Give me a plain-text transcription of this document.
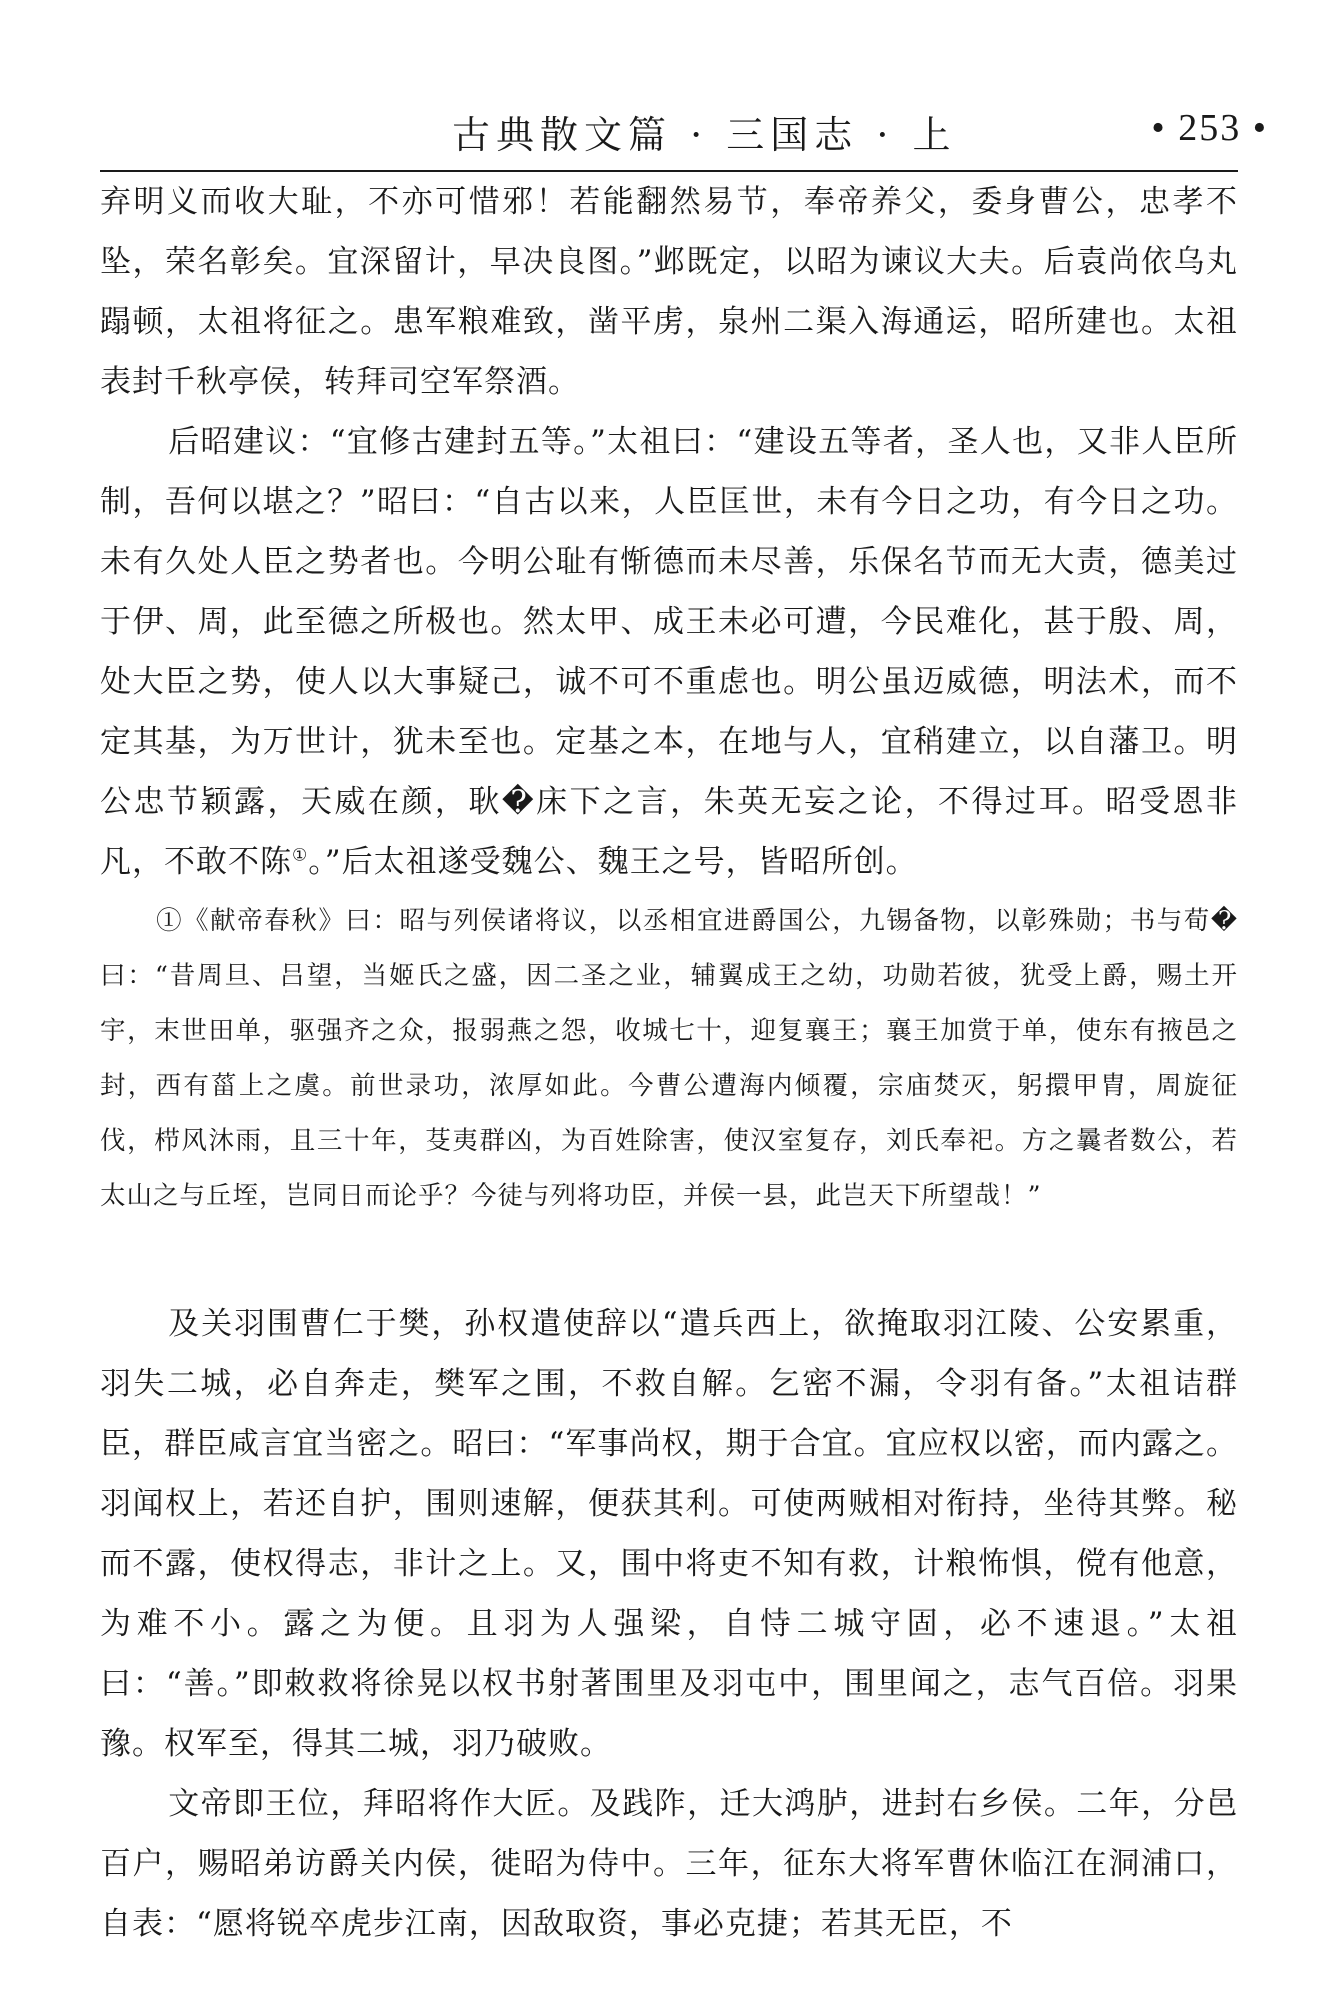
古典散文篇 · 三国志 · 上	• 253 •

弃明义而收大耻，不亦可惜邪！若能翻然易节，奉帝养父，委身曹公，忠孝不坠，荣名彰矣。宜深留计，早决良图。”邺既定，以昭为谏议大夫。后袁尚依乌丸蹋顿，太祖将征之。患军粮难致，凿平虏，泉州二渠入海通运，昭所建也。太祖表封千秋亭侯，转拜司空军祭酒。

后昭建议：“宜修古建封五等。”太祖曰：“建设五等者，圣人也，又非人臣所制，吾何以堪之？”昭曰：“自古以来，人臣匡世，未有今日之功，有今日之功。未有久处人臣之势者也。今明公耻有惭德而未尽善，乐保名节而无大责，德美过于伊、周，此至德之所极也。然太甲、成王未必可遭，今民难化，甚于殷、周，处大臣之势，使人以大事疑己，诚不可不重虑也。明公虽迈威德，明法术，而不定其基，为万世计，犹未至也。定基之本，在地与人，宜稍建立，以自藩卫。明公忠节颖露，天威在颜，耿�床下之言，朱英无妄之论，不得过耳。昭受恩非凡，不敢不陈①。”后太祖遂受魏公、魏王之号，皆昭所创。

①《献帝春秋》曰：昭与列侯诸将议，以丞相宜进爵国公，九锡备物，以彰殊勋；书与荀�曰：“昔周旦、吕望，当姬氏之盛，因二圣之业，辅翼成王之幼，功勋若彼，犹受上爵，赐土开宇，末世田单，驱强齐之众，报弱燕之怨，收城七十，迎复襄王；襄王加赏于单，使东有掖邑之封，西有菑上之虞。前世录功，浓厚如此。今曹公遭海内倾覆，宗庙焚灭，躬擐甲胄，周旋征伐，栉风沐雨，且三十年，芟夷群凶，为百姓除害，使汉室复存，刘氏奉祀。方之曩者数公，若太山之与丘垤，岂同日而论乎？今徒与列将功臣，并侯一县，此岂天下所望哉！”

及关羽围曹仁于樊，孙权遣使辞以“遣兵西上，欲掩取羽江陵、公安累重，羽失二城，必自奔走，樊军之围，不救自解。乞密不漏，令羽有备。”太祖诘群臣，群臣咸言宜当密之。昭曰：“军事尚权，期于合宜。宜应权以密，而内露之。羽闻权上，若还自护，围则速解，便获其利。可使两贼相对衔持，坐待其弊。秘而不露，使权得志，非计之上。又，围中将吏不知有救，计粮怖惧，傥有他意，为难不小。露之为便。且羽为人强梁，自恃二城守固，必不速退。”太祖曰：“善。”即敕救将徐晃以权书射著围里及羽屯中，围里闻之，志气百倍。羽果豫。权军至，得其二城，羽乃破败。

文帝即王位，拜昭将作大匠。及践阼，迁大鸿胪，进封右乡侯。二年，分邑百户，赐昭弟访爵关内侯，徙昭为侍中。三年，征东大将军曹休临江在洞浦口，自表：“愿将锐卒虎步江南，因敌取资，事必克捷；若其无臣，不
